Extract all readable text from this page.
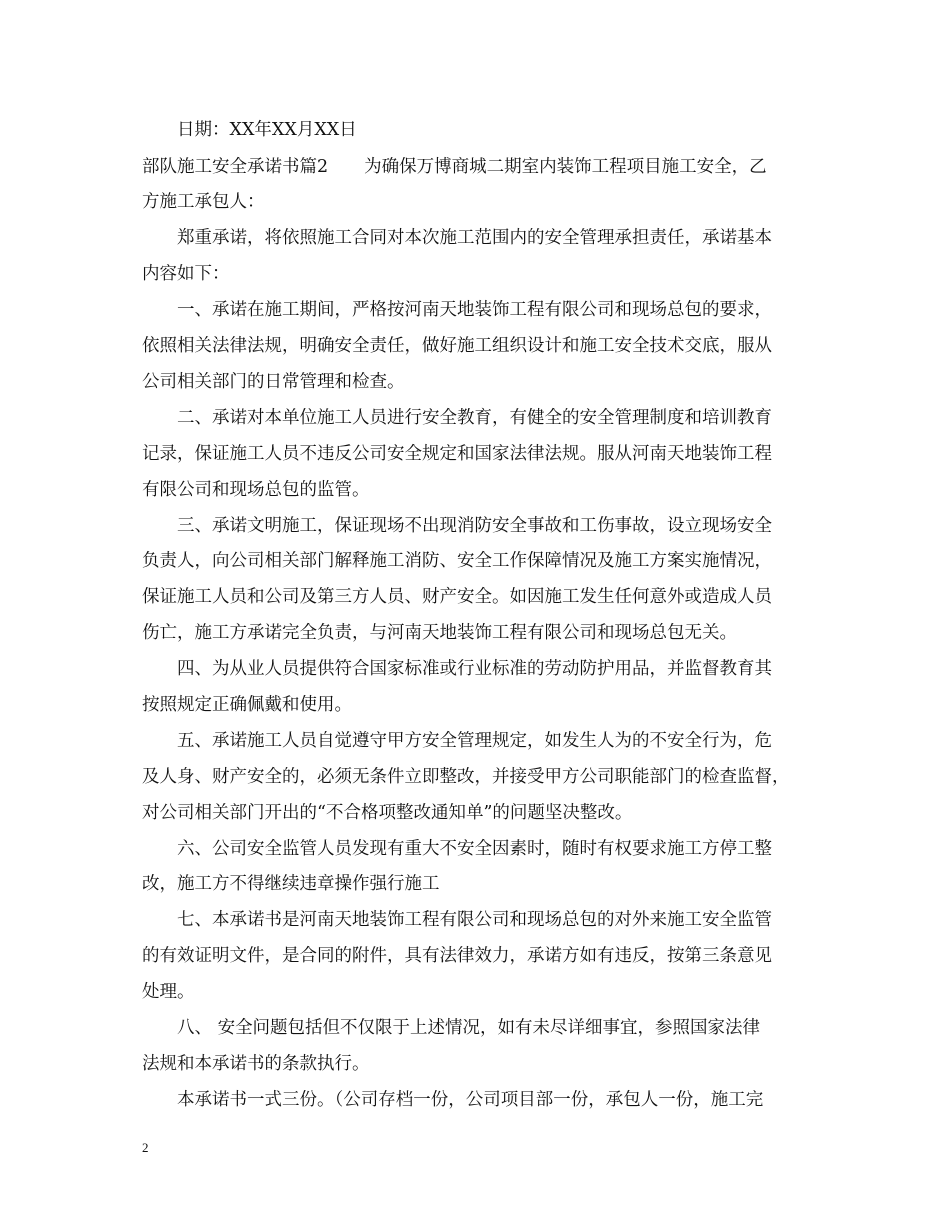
日期：XX年XX月XX日
部队施工安全承诺书篇2 为确保万博商城二期室内装饰工程项目施工安全，乙
方施工承包人：
郑重承诺，将依照施工合同对本次施工范围内的安全管理承担责任，承诺基本
内容如下：
一、承诺在施工期间，严格按河南天地装饰工程有限公司和现场总包的要求，
依照相关法律法规，明确安全责任，做好施工组织设计和施工安全技术交底，服从
公司相关部门的日常管理和检查。
二、承诺对本单位施工人员进行安全教育，有健全的安全管理制度和培训教育
记录，保证施工人员不违反公司安全规定和国家法律法规。服从河南天地装饰工程
有限公司和现场总包的监管。
三、承诺文明施工，保证现场不出现消防安全事故和工伤事故，设立现场安全
负责人，向公司相关部门解释施工消防、安全工作保障情况及施工方案实施情况，
保证施工人员和公司及第三方人员、财产安全。如因施工发生任何意外或造成人员
伤亡，施工方承诺完全负责，与河南天地装饰工程有限公司和现场总包无关。
四、为从业人员提供符合国家标准或行业标准的劳动防护用品，并监督教育其
按照规定正确佩戴和使用。
五、承诺施工人员自觉遵守甲方安全管理规定，如发生人为的不安全行为，危
及人身、财产安全的，必须无条件立即整改，并接受甲方公司职能部门的检查监督，
对公司相关部门开出的“不合格项整改通知单”的问题坚决整改。
六、公司安全监管人员发现有重大不安全因素时，随时有权要求施工方停工整
改，施工方不得继续违章操作强行施工
七、本承诺书是河南天地装饰工程有限公司和现场总包的对外来施工安全监管
的有效证明文件，是合同的附件，具有法律效力，承诺方如有违反，按第三条意见
处理。
八、 安全问题包括但不仅限于上述情况，如有未尽详细事宜，参照国家法律
法规和本承诺书的条款执行。
本承诺书一式三份。（公司存档一份，公司项目部一份，承包人一份，施工完
2
